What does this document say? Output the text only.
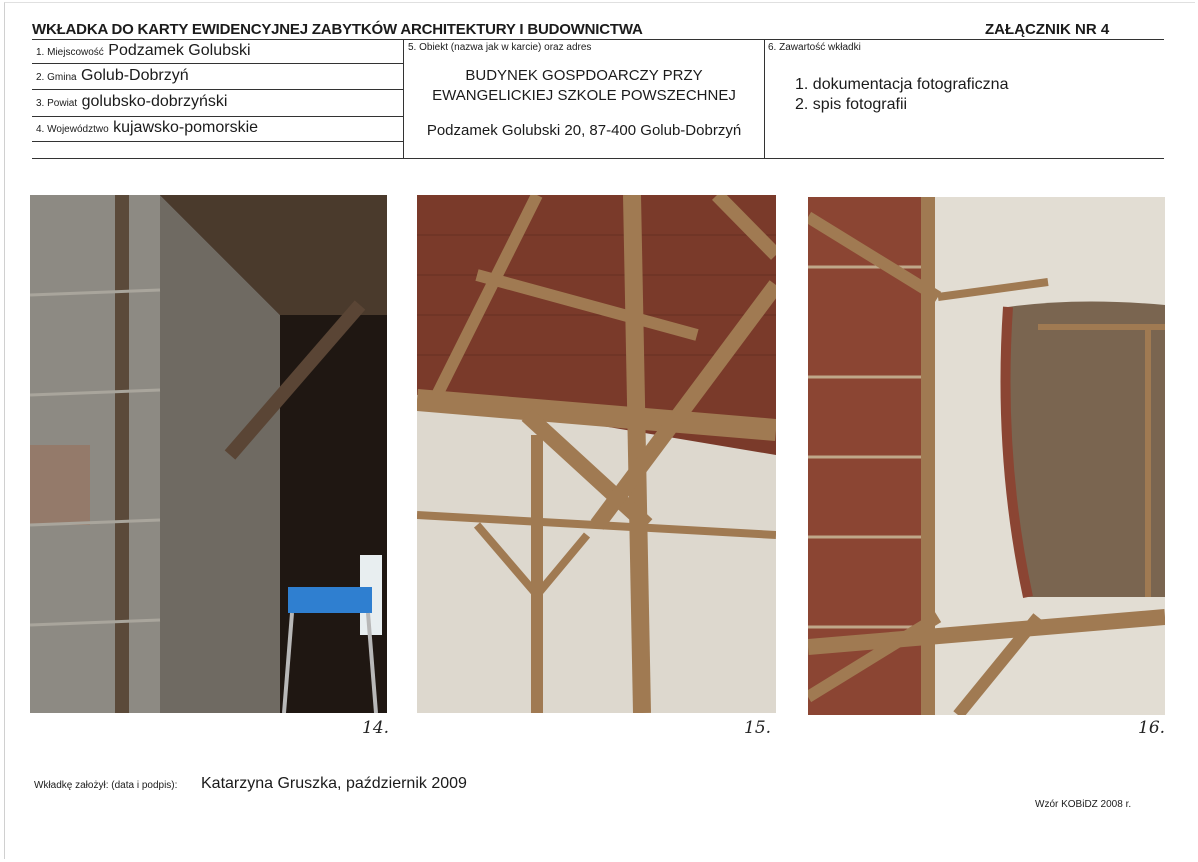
WKŁADKA DO KARTY EWIDENCYJNEJ ZABYTKÓW ARCHITEKTURY I BUDOWNICTWA	ZAŁĄCZNIK NR 4
1. Miejscowość Podzamek Golubski
2. Gmina Golub-Dobrzyń
3. Powiat golubsko-dobrzyński
4. Województwo kujawsko-pomorskie
5. Obiekt (nazwa jak w karcie) oraz adres
BUDYNEK GOSPDOARCZY PRZY
EWANGELICKIEJ SZKOLE POWSZECHNEJ
Podzamek Golubski 20, 87-400 Golub-Dobrzyń
6. Zawartość wkładki
1. dokumentacja fotograficzna
2. spis fotografii
14.	15.	16.
Wkładkę założył: (data i podpis): Katarzyna Gruszka, październik 2009
Wzór KOBiDZ 2008 r.
